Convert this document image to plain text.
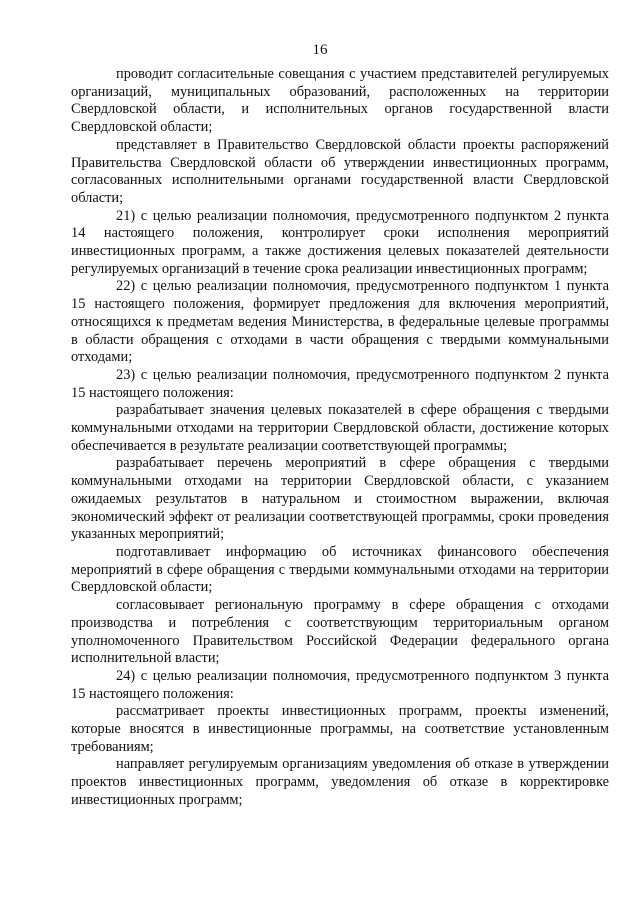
16

проводит согласительные совещания с участием представителей регулируемых организаций, муниципальных образований, расположенных на территории Свердловской области, и исполнительных органов государственной власти Свердловской области;

представляет в Правительство Свердловской области проекты распоряжений Правительства Свердловской области об утверждении инвестиционных программ, согласованных исполнительными органами государственной власти Свердловской области;

21) с целью реализации полномочия, предусмотренного подпунктом 2 пункта 14 настоящего положения, контролирует сроки исполнения мероприятий инвестиционных программ, а также достижения целевых показателей деятельности регулируемых организаций в течение срока реализации инвестиционных программ;

22) с целью реализации полномочия, предусмотренного подпунктом 1 пункта 15 настоящего положения, формирует предложения для включения мероприятий, относящихся к предметам ведения Министерства, в федеральные целевые программы в области обращения с отходами в части обращения с твердыми коммунальными отходами;

23) с целью реализации полномочия, предусмотренного подпунктом 2 пункта 15 настоящего положения:

разрабатывает значения целевых показателей в сфере обращения с твердыми коммунальными отходами на территории Свердловской области, достижение которых обеспечивается в результате реализации соответствующей программы;

разрабатывает перечень мероприятий в сфере обращения с твердыми коммунальными отходами на территории Свердловской области, с указанием ожидаемых результатов в натуральном и стоимостном выражении, включая экономический эффект от реализации соответствующей программы, сроки проведения указанных мероприятий;

подготавливает информацию об источниках финансового обеспечения мероприятий в сфере обращения с твердыми коммунальными отходами на территории Свердловской области;

согласовывает региональную программу в сфере обращения с отходами производства и потребления с соответствующим территориальным органом уполномоченного Правительством Российской Федерации федерального органа исполнительной власти;

24) с целью реализации полномочия, предусмотренного подпунктом 3 пункта 15 настоящего положения:

рассматривает проекты инвестиционных программ, проекты изменений, которые вносятся в инвестиционные программы, на соответствие установленным требованиям;

направляет регулируемым организациям уведомления об отказе в утверждении проектов инвестиционных программ, уведомления об отказе в корректировке инвестиционных программ;
